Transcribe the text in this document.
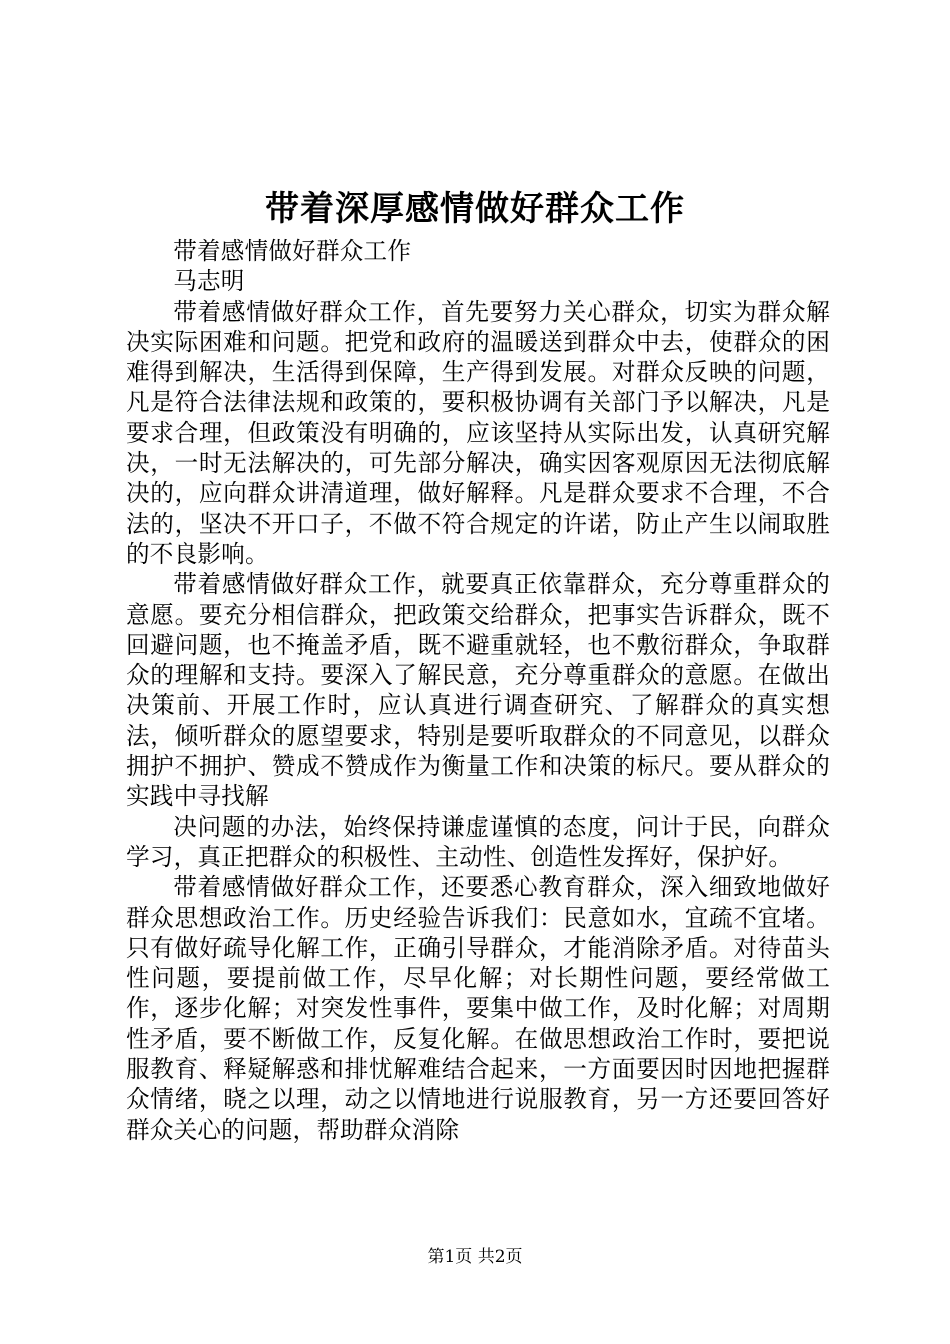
带着深厚感情做好群众工作

带着感情做好群众工作

马志明

带着感情做好群众工作，首先要努力关心群众，切实为群众解决实际困难和问题。把党和政府的温暖送到群众中去，使群众的困难得到解决，生活得到保障，生产得到发展。对群众反映的问题，凡是符合法律法规和政策的，要积极协调有关部门予以解决，凡是要求合理，但政策没有明确的，应该坚持从实际出发，认真研究解决，一时无法解决的，可先部分解决，确实因客观原因无法彻底解决的，应向群众讲清道理，做好解释。凡是群众要求不合理，不合法的，坚决不开口子，不做不符合规定的许诺，防止产生以闹取胜的不良影响。

带着感情做好群众工作，就要真正依靠群众，充分尊重群众的意愿。要充分相信群众，把政策交给群众，把事实告诉群众，既不回避问题，也不掩盖矛盾，既不避重就轻，也不敷衍群众，争取群众的理解和支持。要深入了解民意，充分尊重群众的意愿。在做出决策前、开展工作时，应认真进行调查研究、了解群众的真实想法，倾听群众的愿望要求，特别是要听取群众的不同意见，以群众拥护不拥护、赞成不赞成作为衡量工作和决策的标尺。要从群众的实践中寻找解

决问题的办法，始终保持谦虚谨慎的态度，问计于民，向群众学习，真正把群众的积极性、主动性、创造性发挥好，保护好。

带着感情做好群众工作，还要悉心教育群众，深入细致地做好群众思想政治工作。历史经验告诉我们：民意如水，宜疏不宜堵。只有做好疏导化解工作，正确引导群众，才能消除矛盾。对待苗头性问题，要提前做工作，尽早化解；对长期性问题，要经常做工作，逐步化解；对突发性事件，要集中做工作，及时化解；对周期性矛盾，要不断做工作，反复化解。在做思想政治工作时，要把说服教育、释疑解惑和排忧解难结合起来，一方面要因时因地把握群众情绪，晓之以理，动之以情地进行说服教育，另一方还要回答好群众关心的问题，帮助群众消除

第1页 共2页
